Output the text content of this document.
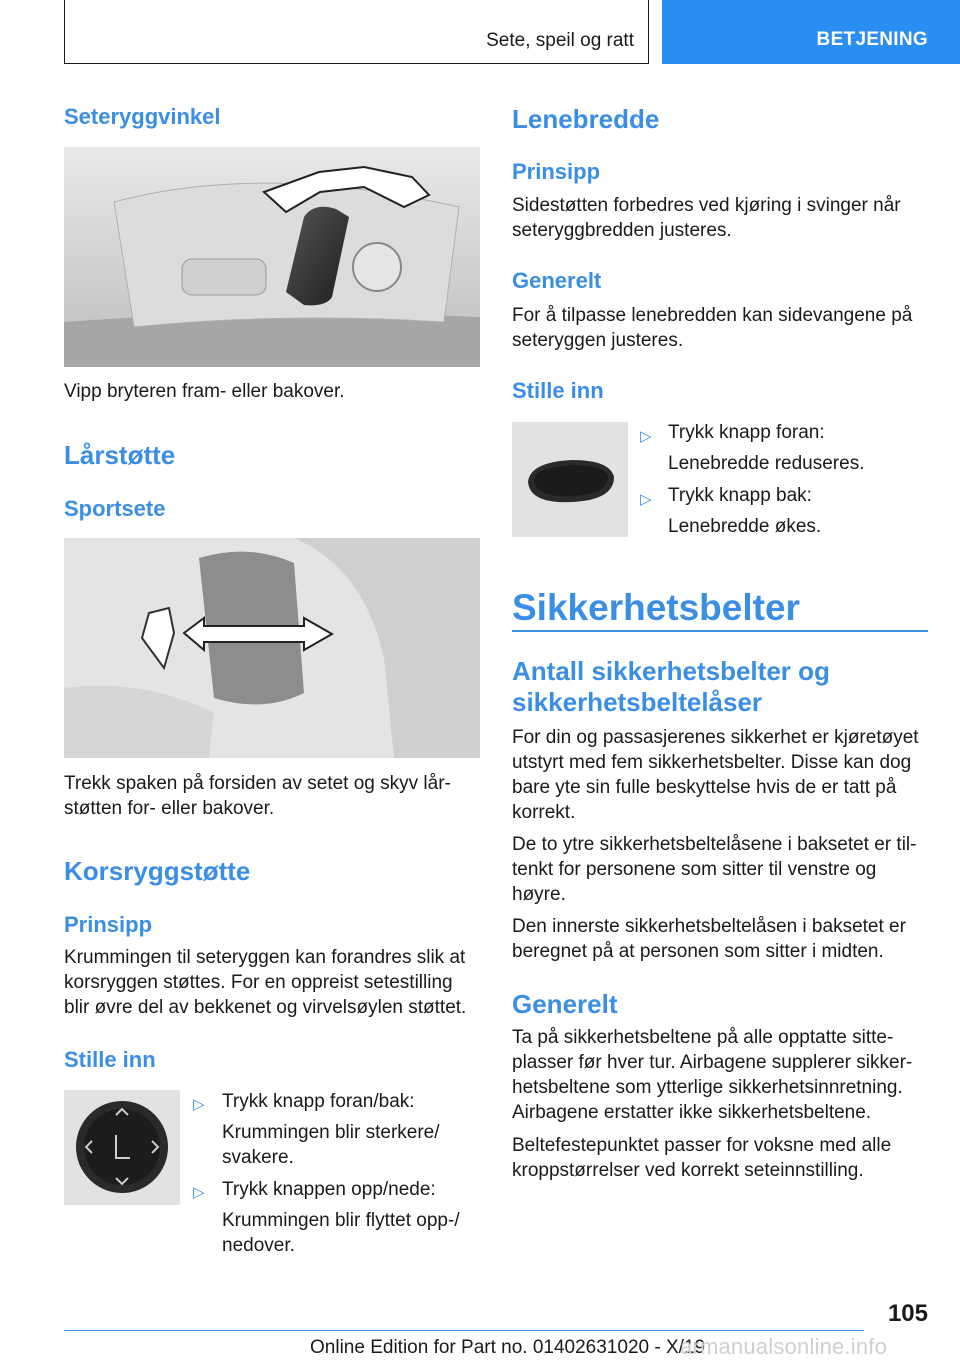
Sete, speil og ratt	BETJENING
Seteryggvinkel

Vipp bryteren fram- eller bakover.

Lårstøtte
Sportsete

Trekk spaken på forsiden av setet og skyv lår-

støtten for- eller bakover.

Korsryggstøtte
Prinsipp

Krummingen til seteryggen kan forandres slik at

korsryggen støttes. For en oppreist setestilling

blir øvre del av bekkenet og virvelsøylen støttet.

Stille inn
▷ Trykk knapp foran/bak:
Krummingen blir sterkere/
svakere.
▷ Trykk knappen opp/nede:
Krummingen blir flyttet opp-/
nedover.
Lenebredde
Prinsipp

Sidestøtten forbedres ved kjøring i svinger når

seteryggbredden justeres.

Generelt

For å tilpasse lenebredden kan sidevangene på

seteryggen justeres.

Stille inn
▷ Trykk knapp foran:
Lenebredde reduseres.
▷ Trykk knapp bak:
Lenebredde økes.
Sikkerhetsbelter
Antall sikkerhetsbelter og
sikkerhetsbeltelåser

For din og passasjerenes sikkerhet er kjøretøyet

utstyrt med fem sikkerhetsbelter. Disse kan dog

bare yte sin fulle beskyttelse hvis de er tatt på

korrekt.

De to ytre sikkerhetsbeltelåsene i baksetet er til-

tenkt for personene som sitter til venstre og

høyre.

Den innerste sikkerhetsbeltelåsen i baksetet er

beregnet på at personen som sitter i midten.

Generelt

Ta på sikkerhetsbeltene på alle opptatte sitte-

plasser før hver tur. Airbagene supplerer sikker-

hetsbeltene som ytterlige sikkerhetsinnretning.

Airbagene erstatter ikke sikkerhetsbeltene.

Beltefestepunktet passer for voksne med alle

kroppstørrelser ved korrekt seteinnstilling.

105
Online Edition for Part no. 01402631020 - X/19
armanualsonline.info
